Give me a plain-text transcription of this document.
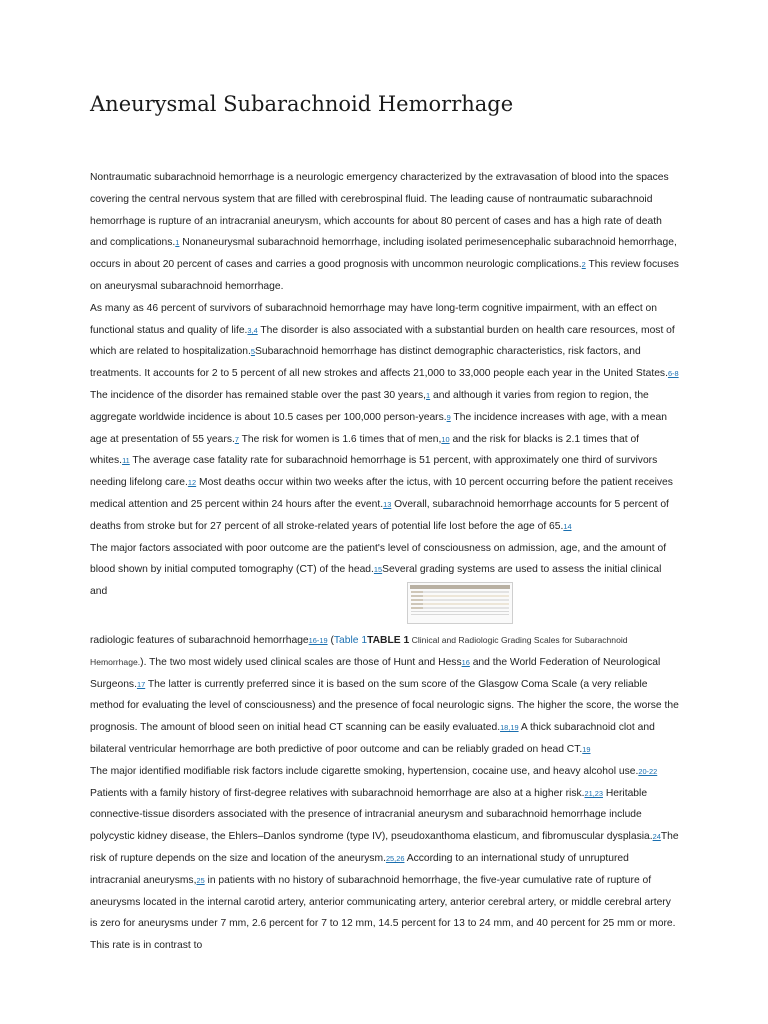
Aneurysmal Subarachnoid Hemorrhage

Nontraumatic subarachnoid hemorrhage is a neurologic emergency characterized by the extravasation of blood into the spaces covering the central nervous system that are filled with cerebrospinal fluid. The leading cause of nontraumatic subarachnoid hemorrhage is rupture of an intracranial aneurysm, which accounts for about 80 percent of cases and has a high rate of death and complications.1 Nonaneurysmal subarachnoid hemorrhage, including isolated perimesencephalic subarachnoid hemorrhage, occurs in about 20 percent of cases and carries a good prognosis with uncommon neurologic complications.2 This review focuses on aneurysmal subarachnoid hemorrhage.

As many as 46 percent of survivors of subarachnoid hemorrhage may have long-term cognitive impairment, with an effect on functional status and quality of life.3,4 The disorder is also associated with a substantial burden on health care resources, most of which are related to hospitalization.5Subarachnoid hemorrhage has distinct demographic characteristics, risk factors, and treatments. It accounts for 2 to 5 percent of all new strokes and affects 21,000 to 33,000 people each year in the United States.6-8 The incidence of the disorder has remained stable over the past 30 years,1 and although it varies from region to region, the aggregate worldwide incidence is about 10.5 cases per 100,000 person-years.9 The incidence increases with age, with a mean age at presentation of 55 years.7 The risk for women is 1.6 times that of men,10 and the risk for blacks is 2.1 times that of whites.11 The average case fatality rate for subarachnoid hemorrhage is 51 percent, with approximately one third of survivors needing lifelong care.12 Most deaths occur within two weeks after the ictus, with 10 percent occurring before the patient receives medical attention and 25 percent within 24 hours after the event.13 Overall, subarachnoid hemorrhage accounts for 5 percent of deaths from stroke but for 27 percent of all stroke-related years of potential life lost before the age of 65.14

The major factors associated with poor outcome are the patient's level of consciousness on admission, age, and the amount of blood shown by initial computed tomography (CT) of the head.15Several grading systems are used to assess the initial clinical and
radiologic features of subarachnoid hemorrhage16-19 (Table 1TABLE 1 Clinical and Radiologic Grading Scales for Subarachnoid Hemorrhage.). The two most widely used clinical scales are those of Hunt and Hess16 and the World Federation of Neurological Surgeons.17 The latter is currently preferred since it is based on the sum score of the Glasgow Coma Scale (a very reliable method for evaluating the level of consciousness) and the presence of focal neurologic signs. The higher the score, the worse the prognosis. The amount of blood seen on initial head CT scanning can be easily evaluated.18,19 A thick subarachnoid clot and bilateral ventricular hemorrhage are both predictive of poor outcome and can be reliably graded on head CT.19

The major identified modifiable risk factors include cigarette smoking, hypertension, cocaine use, and heavy alcohol use.20-22 Patients with a family history of first-degree relatives with subarachnoid hemorrhage are also at a higher risk.21,23 Heritable connective-tissue disorders associated with the presence of intracranial aneurysm and subarachnoid hemorrhage include polycystic kidney disease, the Ehlers–Danlos syndrome (type IV), pseudoxanthoma elasticum, and fibromuscular dysplasia.24The risk of rupture depends on the size and location of the aneurysm.25,26 According to an international study of unruptured intracranial aneurysms,25 in patients with no history of subarachnoid hemorrhage, the five-year cumulative rate of rupture of aneurysms located in the internal carotid artery, anterior communicating artery, anterior cerebral artery, or middle cerebral artery is zero for aneurysms under 7 mm, 2.6 percent for 7 to 12 mm, 14.5 percent for 13 to 24 mm, and 40 percent for 25 mm or more. This rate is in contrast to
